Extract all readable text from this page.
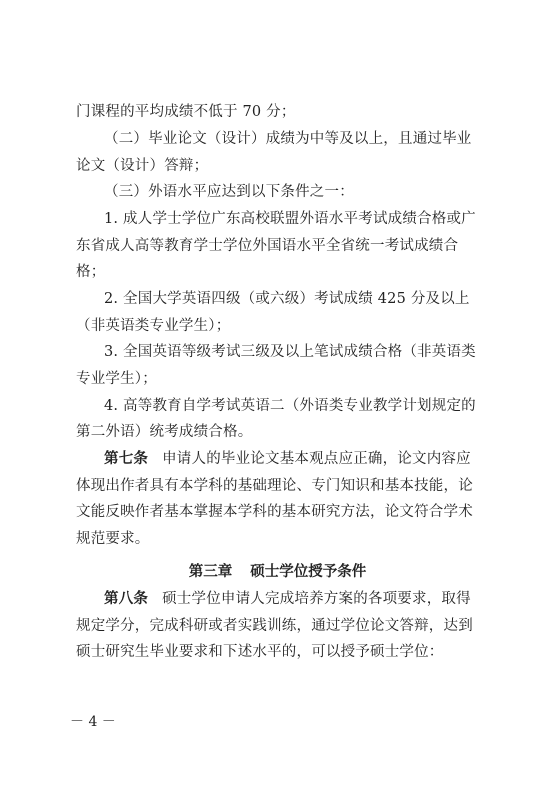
门课程的平均成绩不低于 70 分；
（二）毕业论文（设计）成绩为中等及以上，且通过毕业
论文（设计）答辩；
（三）外语水平应达到以下条件之一：
1. 成人学士学位广东高校联盟外语水平考试成绩合格或广
东省成人高等教育学士学位外国语水平全省统一考试成绩合
格；
2. 全国大学英语四级（或六级）考试成绩 425 分及以上
（非英语类专业学生）；
3. 全国英语等级考试三级及以上笔试成绩合格（非英语类
专业学生）；
4. 高等教育自学考试英语二（外语类专业教学计划规定的
第二外语）统考成绩合格。
第七条 申请人的毕业论文基本观点应正确，论文内容应
体现出作者具有本学科的基础理论、专门知识和基本技能，论
文能反映作者基本掌握本学科的基本研究方法，论文符合学术
规范要求。
第三章 硕士学位授予条件
第八条 硕士学位申请人完成培养方案的各项要求，取得
规定学分，完成科研或者实践训练，通过学位论文答辩，达到
硕士研究生毕业要求和下述水平的，可以授予硕士学位：
－ 4 －
